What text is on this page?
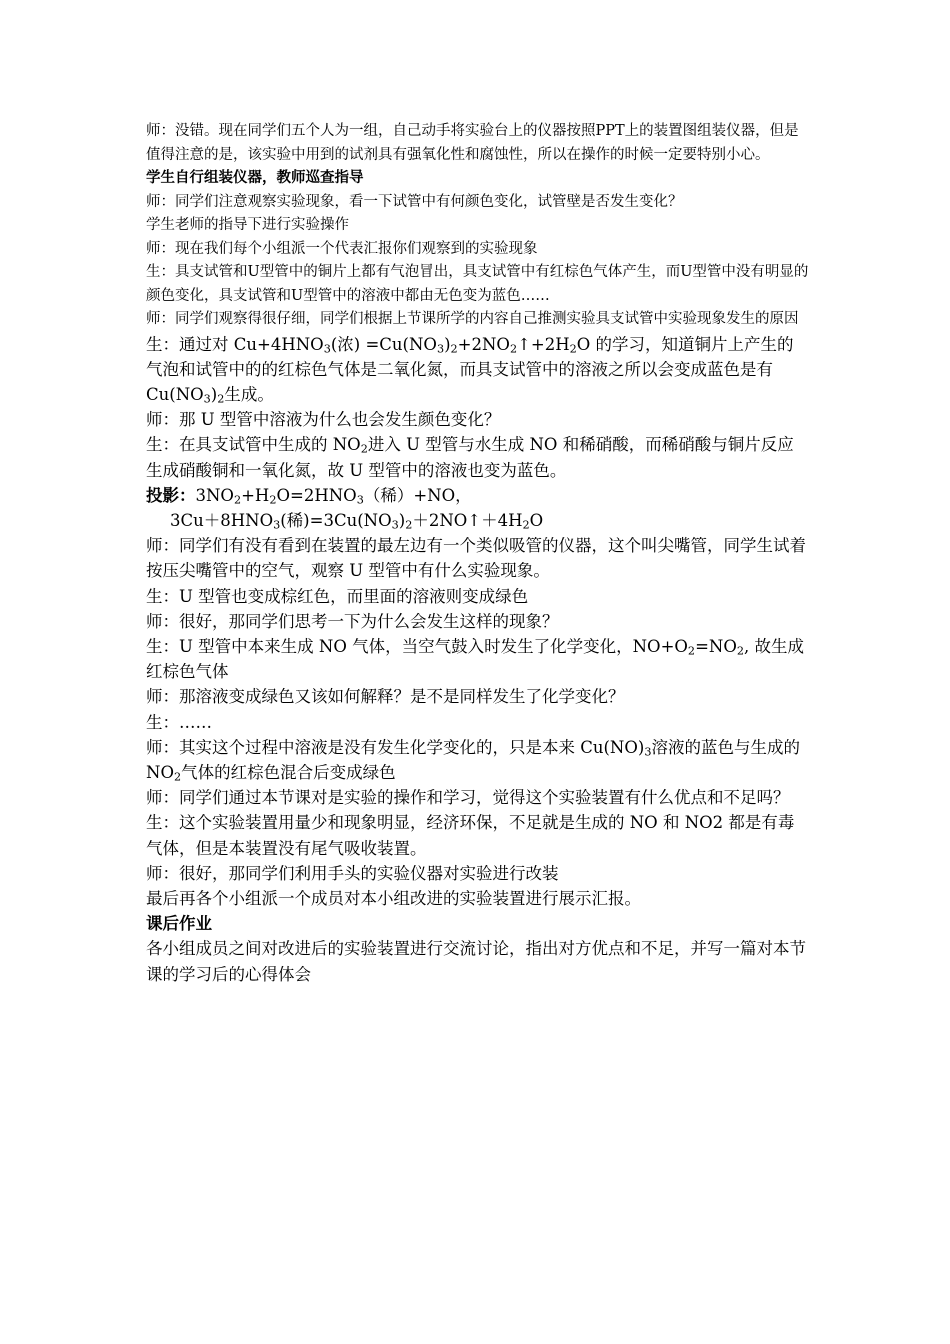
师：没错。现在同学们五个人为一组，自己动手将实验台上的仪器按照PPT上的装置图组装仪器，但是值得注意的是，该实验中用到的试剂具有强氧化性和腐蚀性，所以在操作的时候一定要特别小心。

学生自行组装仪器，教师巡查指导

师：同学们注意观察实验现象，看一下试管中有何颜色变化，试管壁是否发生变化？

学生老师的指导下进行实验操作

师：现在我们每个小组派一个代表汇报你们观察到的实验现象

生：具支试管和U型管中的铜片上都有气泡冒出，具支试管中有红棕色气体产生，而U型管中没有明显的颜色变化，具支试管和U型管中的溶液中都由无色变为蓝色……

师：同学们观察得很仔细，同学们根据上节课所学的内容自己推测实验具支试管中实验现象发生的原因

生：通过对 $Cu+4HNO_3$(浓) $=Cu(NO_3)_2+2NO_2↑+2H_2O$ 的学习，知道铜片上产生的气泡和试管中的的红棕色气体是二氧化氮，而具支试管中的溶液之所以会变成蓝色是有 $Cu(NO_3)_2$生成。

师：那 U 型管中溶液为什么也会发生颜色变化？

生：在具支试管中生成的 $NO_2$进入 U 型管与水生成 NO 和稀硝酸，而稀硝酸与铜片反应生成硝酸铜和一氧化氮，故 U 型管中的溶液也变为蓝色。

投影：$3NO_2+H_2O=2HNO_3$（稀）+NO，

$3Cu+8HNO_3$(稀)$=3Cu(NO_3)_2+2NO↑+4H_2O$

师：同学们有没有看到在装置的最左边有一个类似吸管的仪器，这个叫尖嘴管，同学生试着按压尖嘴管中的空气，观察 U 型管中有什么实验现象。

生：U 型管也变成棕红色，而里面的溶液则变成绿色

师：很好，那同学们思考一下为什么会发生这样的现象？

生：U 型管中本来生成 NO 气体，当空气鼓入时发生了化学变化，$NO+O_2=NO_2$, 故生成红棕色气体

师：那溶液变成绿色又该如何解释？是不是同样发生了化学变化？

生：……

师：其实这个过程中溶液是没有发生化学变化的，只是本来 $Cu(NO)_3$溶液的蓝色与生成的 $NO_2$气体的红棕色混合后变成绿色

师：同学们通过本节课对是实验的操作和学习，觉得这个实验装置有什么优点和不足吗？

生：这个实验装置用量少和现象明显，经济环保，不足就是生成的 NO 和 NO2 都是有毒气体，但是本装置没有尾气吸收装置。

师：很好，那同学们利用手头的实验仪器对实验进行改装

最后再各个小组派一个成员对本小组改进的实验装置进行展示汇报。

课后作业

各小组成员之间对改进后的实验装置进行交流讨论，指出对方优点和不足，并写一篇对本节课的学习后的心得体会
